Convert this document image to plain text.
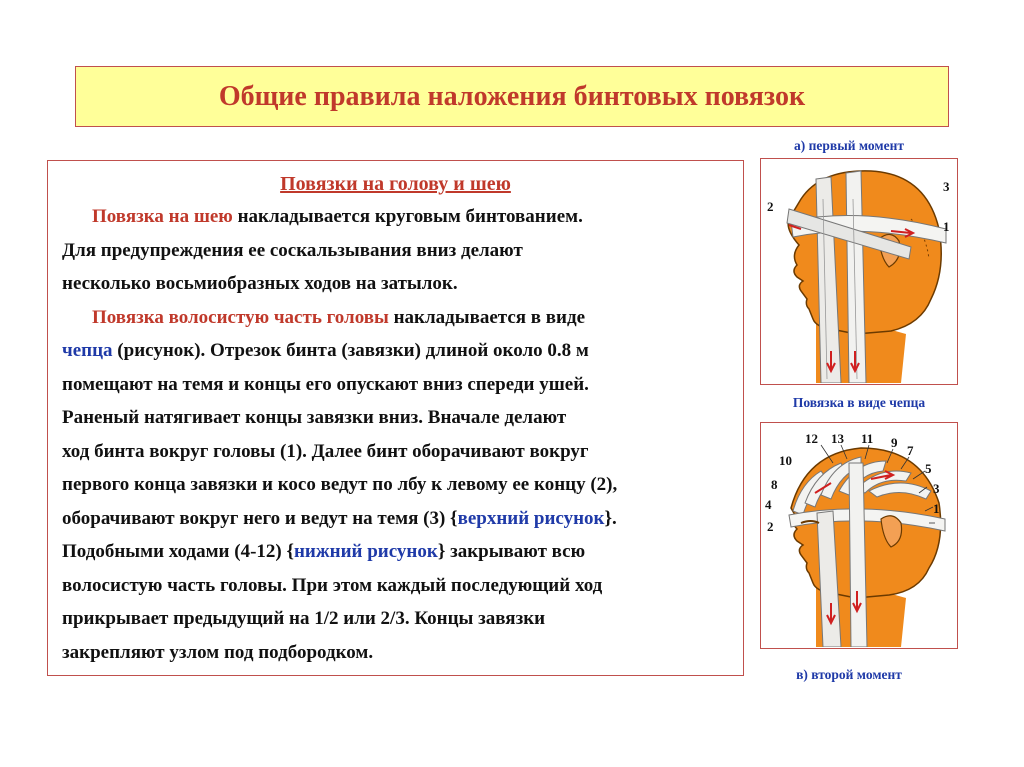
Общие правила наложения бинтовых повязок
Повязки на голову и шею

Повязка на шею накладывается круговым бинтованием.
Для предупреждения ее соскальзывания вниз делают
несколько восьмиобразных ходов на затылок.

Повязка волосистую часть головы накладывается в виде
чепца (рисунок). Отрезок бинта (завязки) длиной около 0.8 м
помещают на темя и концы его опускают вниз спереди ушей.
Раненый натягивает концы завязки вниз. Вначале делают
ход бинта вокруг головы (1). Далее бинт оборачивают вокруг
первого конца завязки и косо ведут по лбу к левому ее концу (2),
оборачивают вокруг него и ведут на темя (3) {верхний рисунок}.
Подобными ходами (4-12) {нижний рисунок} закрывают всю
волосистую часть головы. При этом каждый последующий ход
прикрывает предыдущий на 1/2 или 2/3. Концы завязки
закрепляют узлом под подбородком.

а) первый момент
2
3
1
Повязка в виде чепца
12 13 11 9
7
10
5
8	3
4	1
2
в) второй момент
